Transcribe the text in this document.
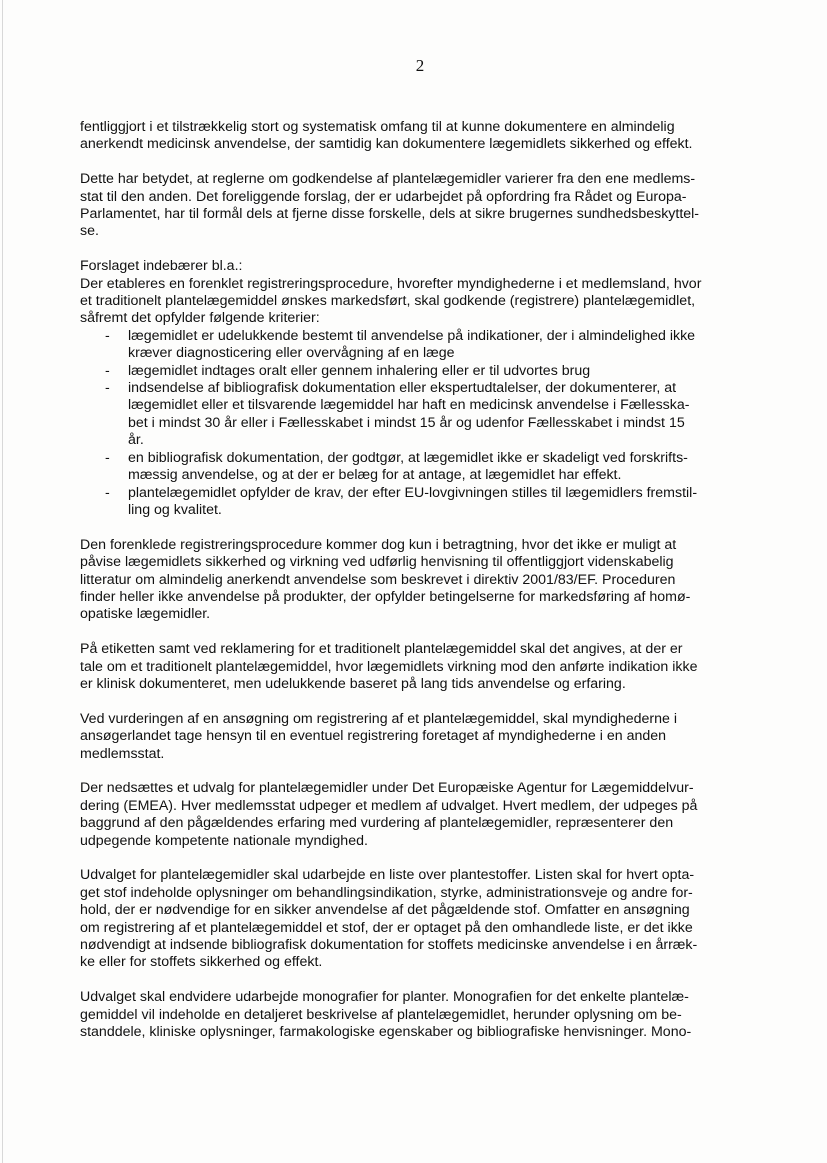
2
fentliggjort i et tilstrækkelig stort og systematisk omfang til at kunne dokumentere en almindelig
anerkendt medicinsk anvendelse, der samtidig kan dokumentere lægemidlets sikkerhed og effekt.
Dette har betydet, at reglerne om godkendelse af plantelægemidler varierer fra den ene medlems-
stat til den anden. Det foreliggende forslag, der er udarbejdet på opfordring fra Rådet og Europa-
Parlamentet, har til formål dels at fjerne disse forskelle, dels at sikre brugernes sundhedsbeskyttel-
se.
Forslaget indebærer bl.a.:
Der etableres en forenklet registreringsprocedure, hvorefter myndighederne i et medlemsland, hvor
et traditionelt plantelægemiddel ønskes markedsført, skal godkende (registrere) plantelægemidlet,
såfremt det opfylder følgende kriterier:
- lægemidlet er udelukkende bestemt til anvendelse på indikationer, der i almindelighed ikke
kræver diagnosticering eller overvågning af en læge
- lægemidlet indtages oralt eller gennem inhalering eller er til udvortes brug
- indsendelse af bibliografisk dokumentation eller ekspertudtalelser, der dokumenterer, at
lægemidlet eller et tilsvarende lægemiddel har haft en medicinsk anvendelse i Fællesska-
bet i mindst 30 år eller i Fællesskabet i mindst 15 år og udenfor Fællesskabet i mindst 15
år.
- en bibliografisk dokumentation, der godtgør, at lægemidlet ikke er skadeligt ved forskrifts-
mæssig anvendelse, og at der er belæg for at antage, at lægemidlet har effekt.
- plantelægemidlet opfylder de krav, der efter EU-lovgivningen stilles til lægemidlers fremstil-
ling og kvalitet.
Den forenklede registreringsprocedure kommer dog kun i betragtning, hvor det ikke er muligt at
påvise lægemidlets sikkerhed og virkning ved udførlig henvisning til offentliggjort videnskabelig
litteratur om almindelig anerkendt anvendelse som beskrevet i direktiv 2001/83/EF. Proceduren
finder heller ikke anvendelse på produkter, der opfylder betingelserne for markedsføring af homø-
opatiske lægemidler.
På etiketten samt ved reklamering for et traditionelt plantelægemiddel skal det angives, at der er
tale om et traditionelt plantelægemiddel, hvor lægemidlets virkning mod den anførte indikation ikke
er klinisk dokumenteret, men udelukkende baseret på lang tids anvendelse og erfaring.
Ved vurderingen af en ansøgning om registrering af et plantelægemiddel, skal myndighederne i
ansøgerlandet tage hensyn til en eventuel registrering foretaget af myndighederne i en anden
medlemsstat.
Der nedsættes et udvalg for plantelægemidler under Det Europæiske Agentur for Lægemiddelvur-
dering (EMEA). Hver medlemsstat udpeger et medlem af udvalget. Hvert medlem, der udpeges på
baggrund af den pågældendes erfaring med vurdering af plantelægemidler, repræsenterer den
udpegende kompetente nationale myndighed.
Udvalget for plantelægemidler skal udarbejde en liste over plantestoffer. Listen skal for hvert opta-
get stof indeholde oplysninger om behandlingsindikation, styrke, administrationsveje og andre for-
hold, der er nødvendige for en sikker anvendelse af det pågældende stof. Omfatter en ansøgning
om registrering af et plantelægemiddel et stof, der er optaget på den omhandlede liste, er det ikke
nødvendigt at indsende bibliografisk dokumentation for stoffets medicinske anvendelse i en årræk-
ke eller for stoffets sikkerhed og effekt.
Udvalget skal endvidere udarbejde monografier for planter. Monografien for det enkelte plantelæ-
gemiddel vil indeholde en detaljeret beskrivelse af plantelægemidlet, herunder oplysning om be-
standdele, kliniske oplysninger, farmakologiske egenskaber og bibliografiske henvisninger. Mono-
